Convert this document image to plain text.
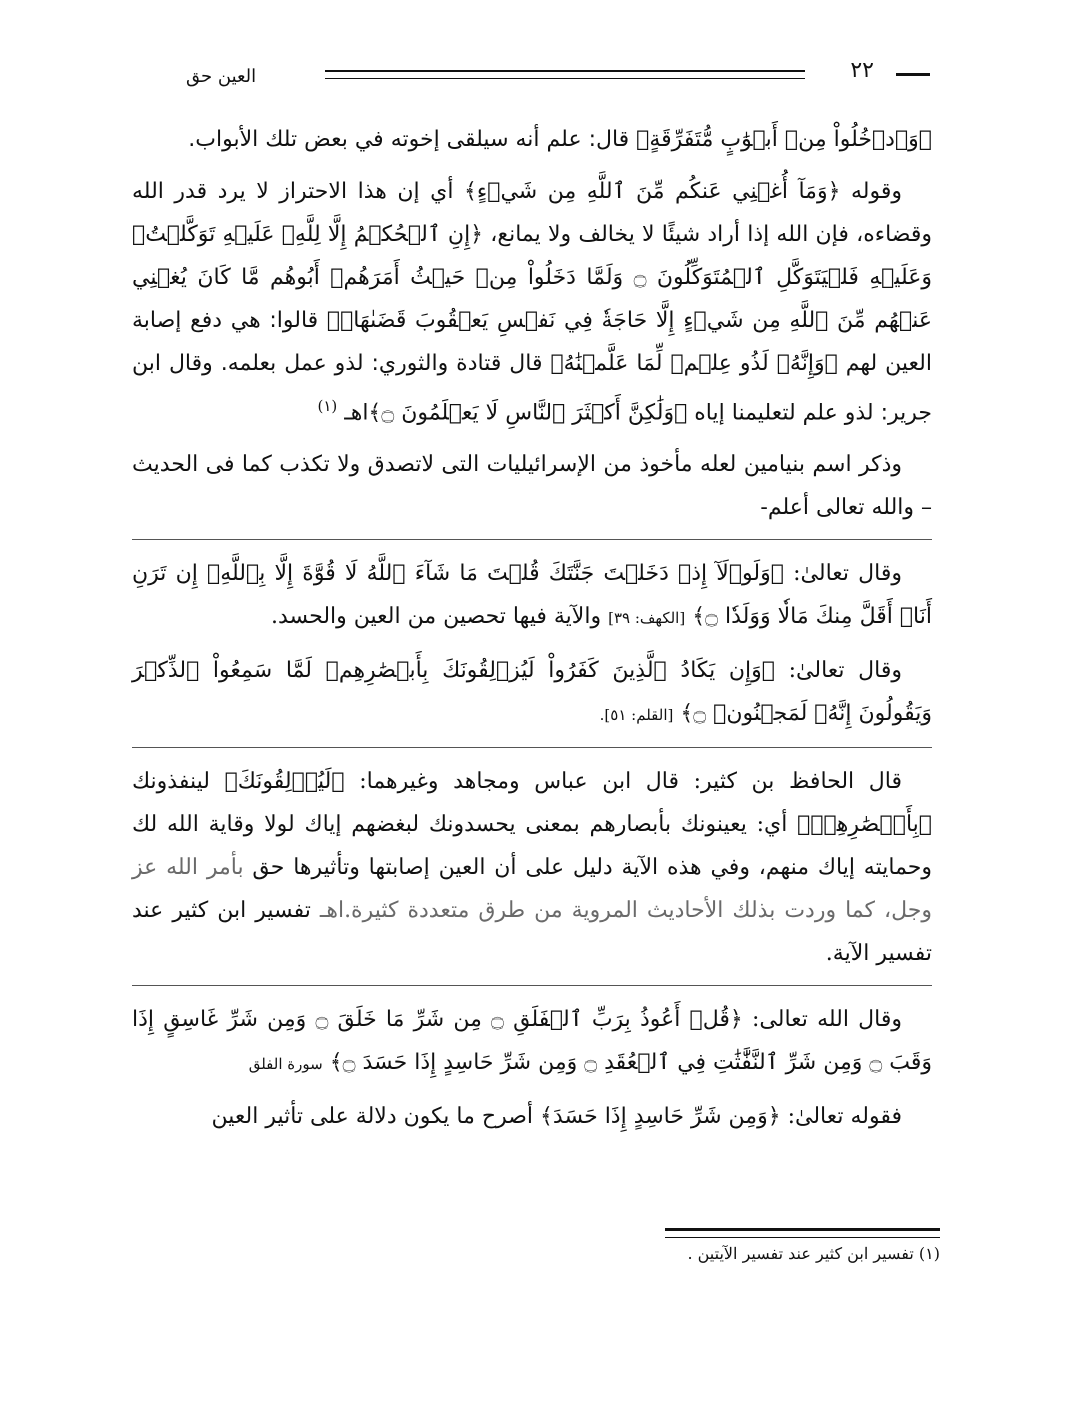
٢٢
العين حق

﴿وَٱدۡخُلُواْ مِنۡ أَبۡوَٰبٍ مُّتَفَرِّقَةٍ﴾ قال: علم أنه سيلقى إخوته في بعض تلك الأبواب.

وقوله ﴿وَمَآ أُغۡنِي عَنكُم مِّنَ ٱللَّهِ مِن شَيۡءٍ﴾ أي إن هذا الاحتراز لا يرد قدر الله وقضاءه، فإن الله إذا أراد شيئًا لا يخالف ولا يمانع، ﴿إِنِ ٱلۡحُكۡمُ إِلَّا لِلَّهِۖ عَلَيۡهِ تَوَكَّلۡتُۖ وَعَلَيۡهِ فَلۡيَتَوَكَّلِ ٱلۡمُتَوَكِّلُونَ ۝ وَلَمَّا دَخَلُواْ مِنۡ حَيۡثُ أَمَرَهُمۡ أَبُوهُم مَّا كَانَ يُغۡنِي عَنۡهُم مِّنَ ٱللَّهِ مِن شَيۡءٍ إِلَّا حَاجَةٗ فِي نَفۡسِ يَعۡقُوبَ قَضَىٰهَاۚ﴾ قالوا: هي دفع إصابة العين لهم ﴿وَإِنَّهُۥ لَذُو عِلۡمٖ لِّمَا عَلَّمۡنَٰهُ﴾ قال قتادة والثوري: لذو عمل بعلمه. وقال ابن جرير: لذو علم لتعليمنا إياه ﴿وَلَٰكِنَّ أَكۡثَرَ ٱلنَّاسِ لَا يَعۡلَمُونَ ۝﴾اهـ $^{(١)}$

وذكر اسم بنيامين لعله مأخوذ من الإسرائيليات التى لاتصدق ولا تكذب كما فى الحديث – والله تعالى أعلم-

وقال تعالىٰ: ﴿وَلَوۡلَآ إِذۡ دَخَلۡتَ جَنَّتَكَ قُلۡتَ مَا شَآءَ ٱللَّهُ لَا قُوَّةَ إِلَّا بِٱللَّهِۚ إِن تَرَنِ أَنَا۠ أَقَلَّ مِنكَ مَالٗا وَوَلَدٗا ۝﴾ [الكهف: ٣٩] والآية فيها تحصين من العين والحسد.

وقال تعالىٰ: ﴿وَإِن يَكَادُ ٱلَّذِينَ كَفَرُواْ لَيُزۡلِقُونَكَ بِأَبۡصَٰرِهِمۡ لَمَّا سَمِعُواْ ٱلذِّكۡرَ وَيَقُولُونَ إِنَّهُۥ لَمَجۡنُونٞ ۝﴾ [القلم: ٥١].

قال الحافظ بن كثير: قال ابن عباس ومجاهد وغيرهما: ﴿لَيُزۡلِقُونَكَ﴾ لينفذونك ﴿بِأَبۡصَٰرِهِمۡ﴾ أي: يعينونك بأبصارهم بمعنى يحسدونك لبغضهم إياك لولا وقاية الله لك وحمايته إياك منهم، وفي هذه الآية دليل على أن العين إصابتها وتأثيرها حق بأمر الله عز وجل، كما وردت بذلك الأحاديث المروية من طرق متعددة كثيرة.اهـ تفسير ابن كثير عند تفسير الآية.

وقال الله تعالى: ﴿قُلۡ أَعُوذُ بِرَبِّ ٱلۡفَلَقِ ۝ مِن شَرِّ مَا خَلَقَ ۝ وَمِن شَرِّ غَاسِقٍ إِذَا وَقَبَ ۝ وَمِن شَرِّ ٱلنَّفَّٰثَٰتِ فِي ٱلۡعُقَدِ ۝ وَمِن شَرِّ حَاسِدٍ إِذَا حَسَدَ ۝﴾ سورة الفلق

فقوله تعالىٰ: ﴿وَمِن شَرِّ حَاسِدٍ إِذَا حَسَدَ﴾ أصرح ما يكون دلالة على تأثير العين

(١) تفسير ابن كثير عند تفسير الآيتين .
